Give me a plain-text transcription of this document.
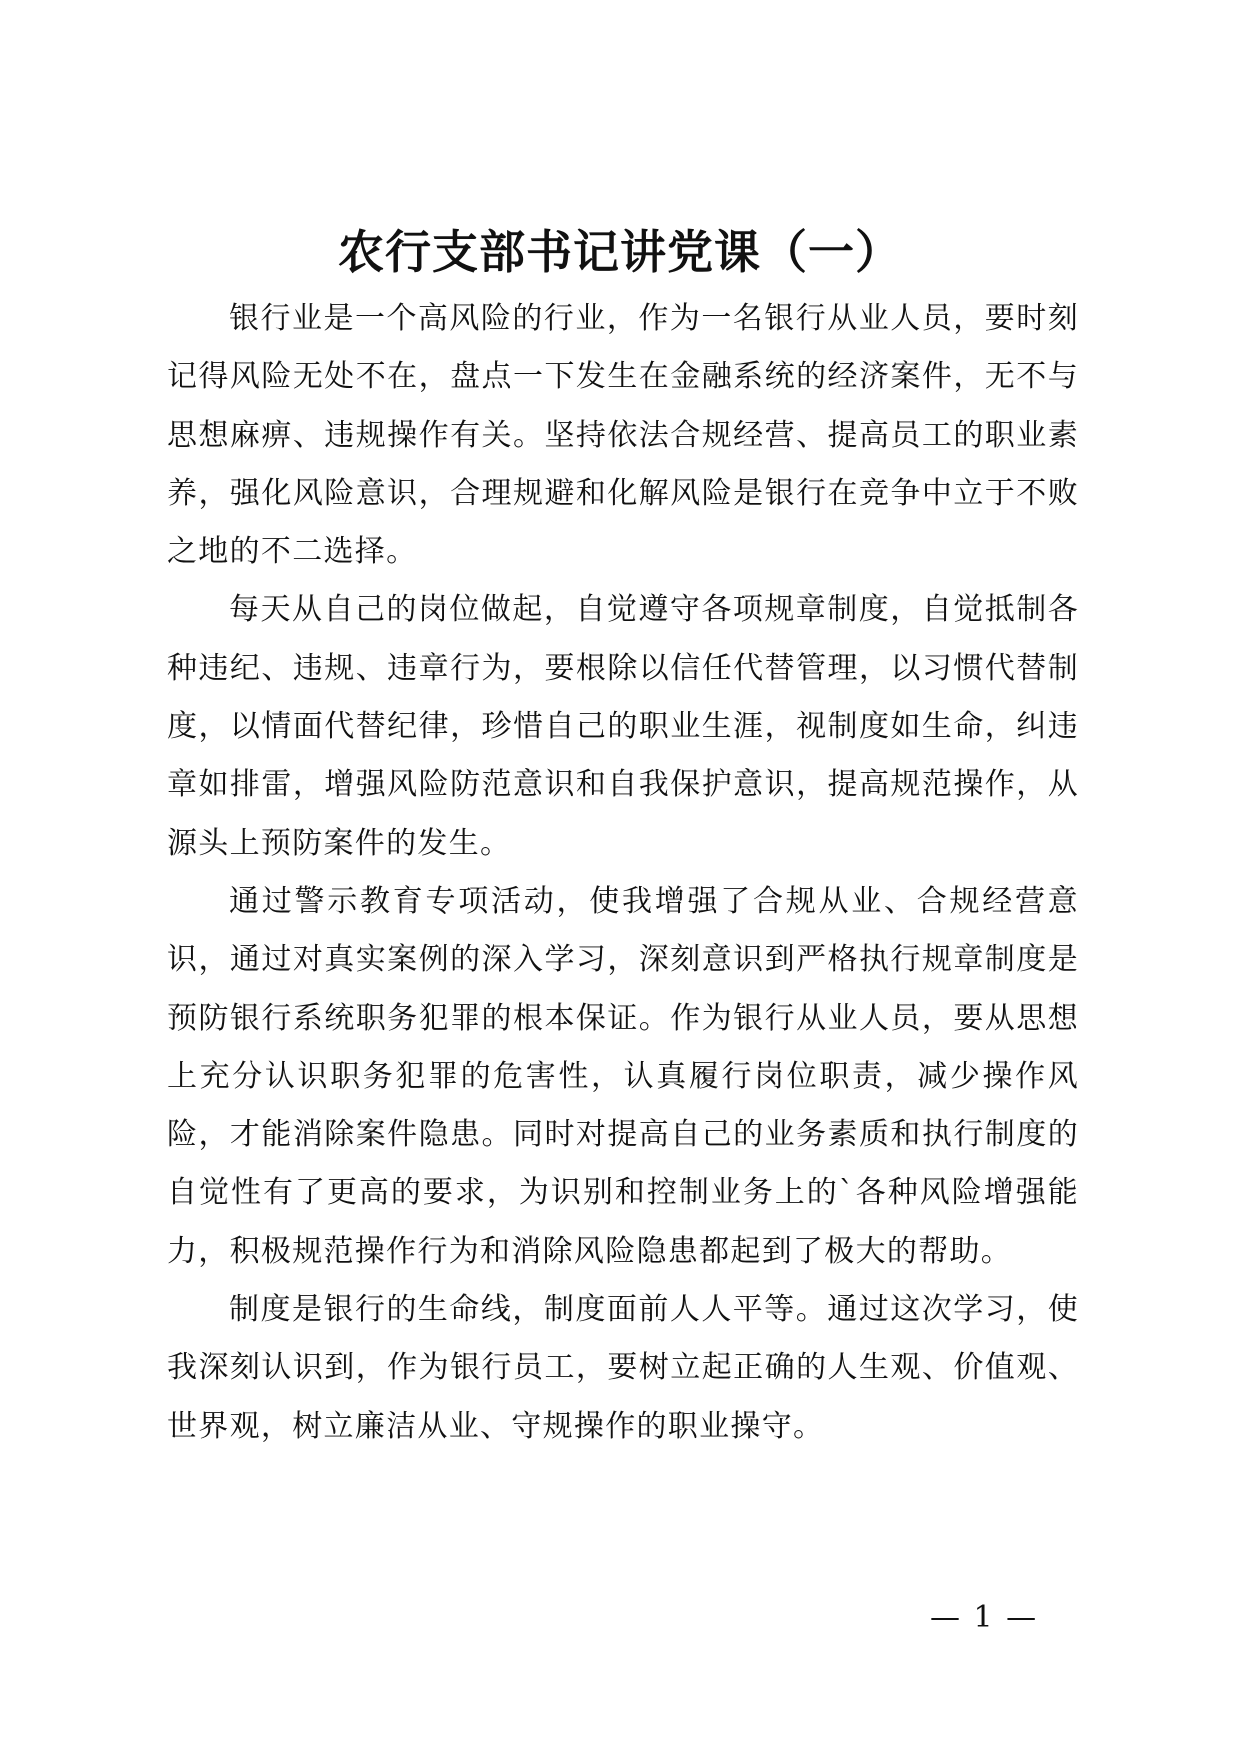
农行支部书记讲党课（一）

银行业是一个高风险的行业，作为一名银行从业人员，要时刻记得风险无处不在，盘点一下发生在金融系统的经济案件，无不与思想麻痹、违规操作有关。坚持依法合规经营、提高员工的职业素养，强化风险意识，合理规避和化解风险是银行在竞争中立于不败之地的不二选择。

每天从自己的岗位做起，自觉遵守各项规章制度，自觉抵制各种违纪、违规、违章行为，要根除以信任代替管理，以习惯代替制度，以情面代替纪律，珍惜自己的职业生涯，视制度如生命，纠违章如排雷，增强风险防范意识和自我保护意识，提高规范操作，从源头上预防案件的发生。

通过警示教育专项活动，使我增强了合规从业、合规经营意识，通过对真实案例的深入学习，深刻意识到严格执行规章制度是预防银行系统职务犯罪的根本保证。作为银行从业人员，要从思想上充分认识职务犯罪的危害性，认真履行岗位职责，减少操作风险，才能消除案件隐患。同时对提高自己的业务素质和执行制度的自觉性有了更高的要求，为识别和控制业务上的`各种风险增强能力，积极规范操作行为和消除风险隐患都起到了极大的帮助。

制度是银行的生命线，制度面前人人平等。通过这次学习，使我深刻认识到，作为银行员工，要树立起正确的人生观、价值观、世界观，树立廉洁从业、守规操作的职业操守。

— 1 —
